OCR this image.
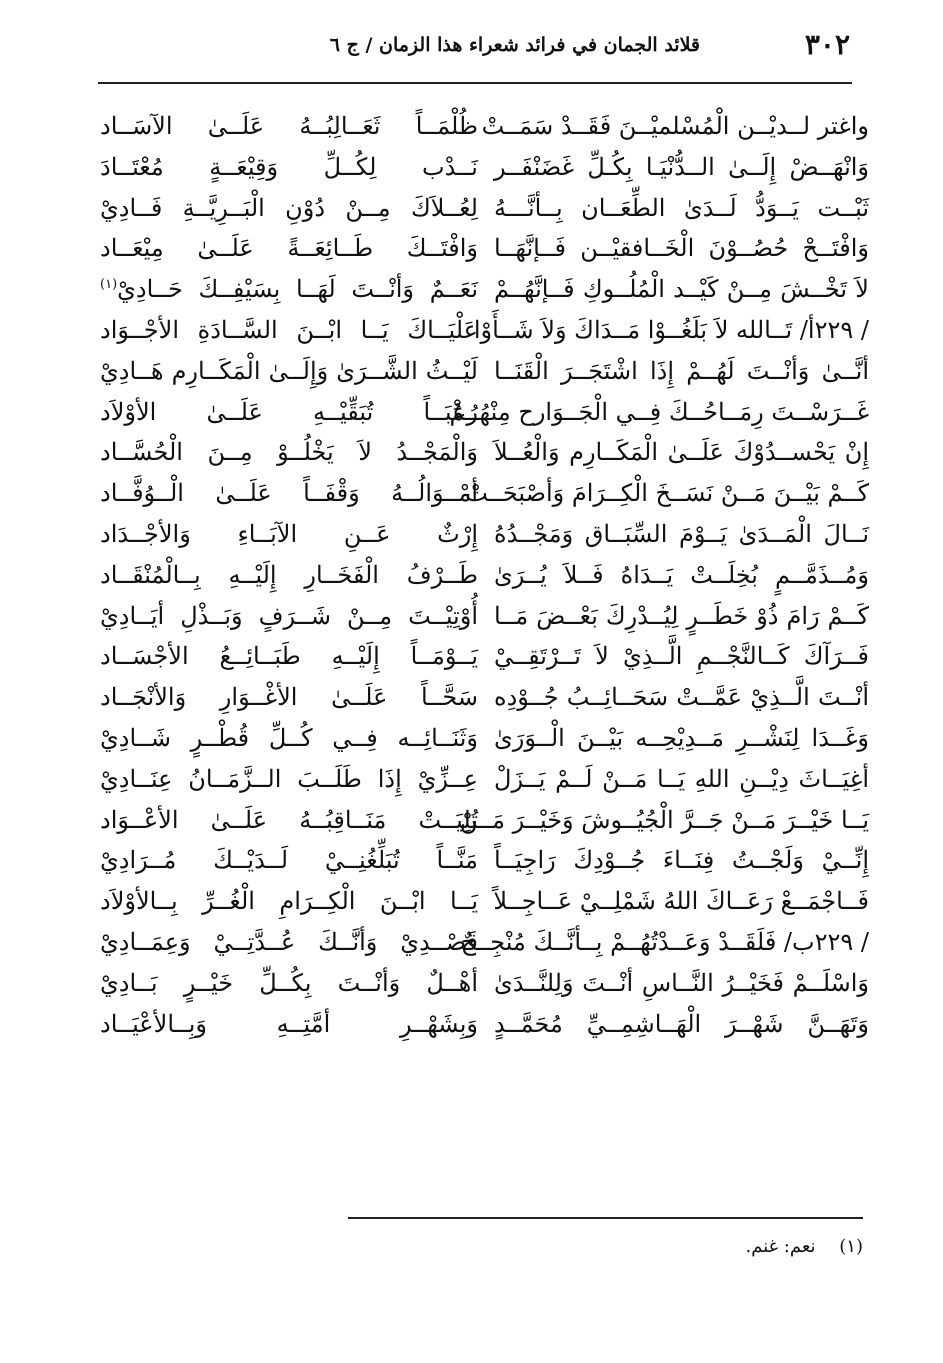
٣٠٢
قلائد الجمان في فرائد شعراء هذا الزمان / ج ٦
واغتر لــديْــن الْمُسْلميْــنَ فَقَــدْ سَمَــتْ
وَانْهَــضْ إِلَــىٰ الــدُّنْيَـا بِكُـلِّ غَضَنْفَــر
ثَبْــت يَــوَدُّ لَــدَىٰ الطِّعَــان بِــأنَّـــهُ
وَافْتَــحْ حُصُــوْنَ الْخَــافقيْــن فَــإنَّهَــا
لاَ تَخْــشَ مِــنْ كَيْــد الْمُلُــوكِ فَــإنَّهُــمْ
/ ٢٢٩أ/ تَــالله لاَ بَلَغُــوْا مَــدَاكَ وَلاَ شَــأَوْا
أنَّــىٰ وَأنْــتَ لَهُــمْ إِذَا اشْتَجَــرَ الْقَنَــا
غَــرَسْــتَ رِمَــاحُــكَ فِــي الْجَــوَارح مِنْهُــمُ
إِنْ يَحْســدُوْكَ عَلَــىٰ الْمَكَــارِم وَالْعُــلاَ
كَــمْ بَيْــنَ مَــنْ نَسَــخَ الْكِــرَامَ وَأصْبَحَــتْ
نَــالَ الْمَــدَىٰ يَــوْمَ السِّبَــاق وَمَجْــدُهُ
وَمُــذَمَّــمٍ بُخِلَــتْ يَــدَاهُ فَــلاَ يُــرَىٰ
كَــمْ رَامَ ذُوْ خَطَــرٍ لِيُــدْرِكَ بَعْــضَ مَــا
فَــرَآكَ كَــالنَّجْــمِ الَّــذِيْ لاَ تَــرْتَقِــيْ
أنْــتَ الَّــذِيْ عَمَّــتْ سَحَــائِــبُ جُــوْدِه
وَغَــدَا لِنَشْــرِ مَــدِيْحِــه بَيْــنَ الْــوَرَىٰ
أغِيَــاثَ دِيْــنِ اللهِ يَــا مَــنْ لَــمْ يَــزَلْ
يَــا خَيْــرَ مَــنْ جَــرَّ الْجُيُــوشَ وَخَيْــرَ مَــنْ
إِنِّــيْ وَلَجْــتُ فِنَــاءَ جُــوْدِكَ رَاجِيَــاً
فَــاجْمَــعْ رَعَــاكَ اللهُ شَمْلِــيْ عَــاجِــلاً
/ ٢٢٩ب/ فَلَقَــدْ وَعَــدْتُهُــمْ بِــأنَّــكَ مُنْجِــحٌ
وَاسْلَــمْ فَخَيْــرُ النَّــاسِ أنْــتَ وَلِلنَّــدَىٰ
وَتَهَــنَّ شَهْــرَ الْهَــاشِمِــيِّ مُحَمَّــدٍ
ظُلْمَــاً ثَعَــالِبُــهُ عَلَــىٰ الآسَــاد
نَــدْب لِكُــلِّ وَقِيْعَــةٍ مُعْتَــادَ
لِعُــلاَكَ مِــنْ دُوْنِ الْبَــرِيَّــةِ فَــادِيْ
وَافْتَــكَ طَــائِعَــةً عَلَــىٰ مِيْعَــاد
نَعَــمٌ وَأنْــتَ لَهَــا بِسَيْفِــكَ حَــادِيْ$^{(١)}$
عَلْيَــاكَ يَــا ابْــنَ السَّــادَةِ الأجْــوَاد
لَيْــثُ الشَّــرَىٰ وَإِلَــىٰ الْمَكَــارِم هَــادِيْ
رُعْبَــاً تُبَقِّيْــهِ عَلَــىٰ الأوْلاَد
وَالْمَجْــدُ لاَ يَخْلُــوْ مِــنَ الْحُسَّــاد
أمْــوَالُــهُ وَقْفَــاً عَلَــىٰ الْــوُفَّــاد
إِرْثٌ عَــنِ الآبَــاءِ وَالأجْــدَاد
طَــرْفُ الْفَخَــارِ إِلَيْــهِ بِــالْمُنْقَــاد
أُوْتِيْــتَ مِــنْ شَــرَفٍ وَبَــذْلِ أيَــادِيْ
يَــوْمَــاً إِلَيْــهِ طَبَــائِــعُ الأجْسَــاد
سَحَّــاً عَلَــىٰ الأغْــوَارِ وَالأنْجَــاد
وَثَنَــائِــه فِــي كُــلِّ قُطْــرٍ شَــادِيْ
عِــزِّيْ إِذَا طَلَــبَ الــزَّمَــانُ عِنَــادِيْ
تُلِيَــتْ مَنَــاقِبُــهُ عَلَــىٰ الأعْــوَاد
مَنَّــاً تُبَلِّغُنِــيْ لَــدَيْــكَ مُــرَادِيْ
يَــا ابْــنَ الْكِــرَامِ الْغُــرِّ بِــالأوْلاَد
قَصْــدِيْ وَأنَّــكَ عُــدَّتِــيْ وَعِمَــادِيْ
أهْــلٌ وَأنْــتَ بِكُــلِّ خَيْــرٍ بَــادِيْ
وَبِشَهْــرِ أمَّتِــهِ وَبِــالأعْيَــاد
(١) نعم: غنم.
